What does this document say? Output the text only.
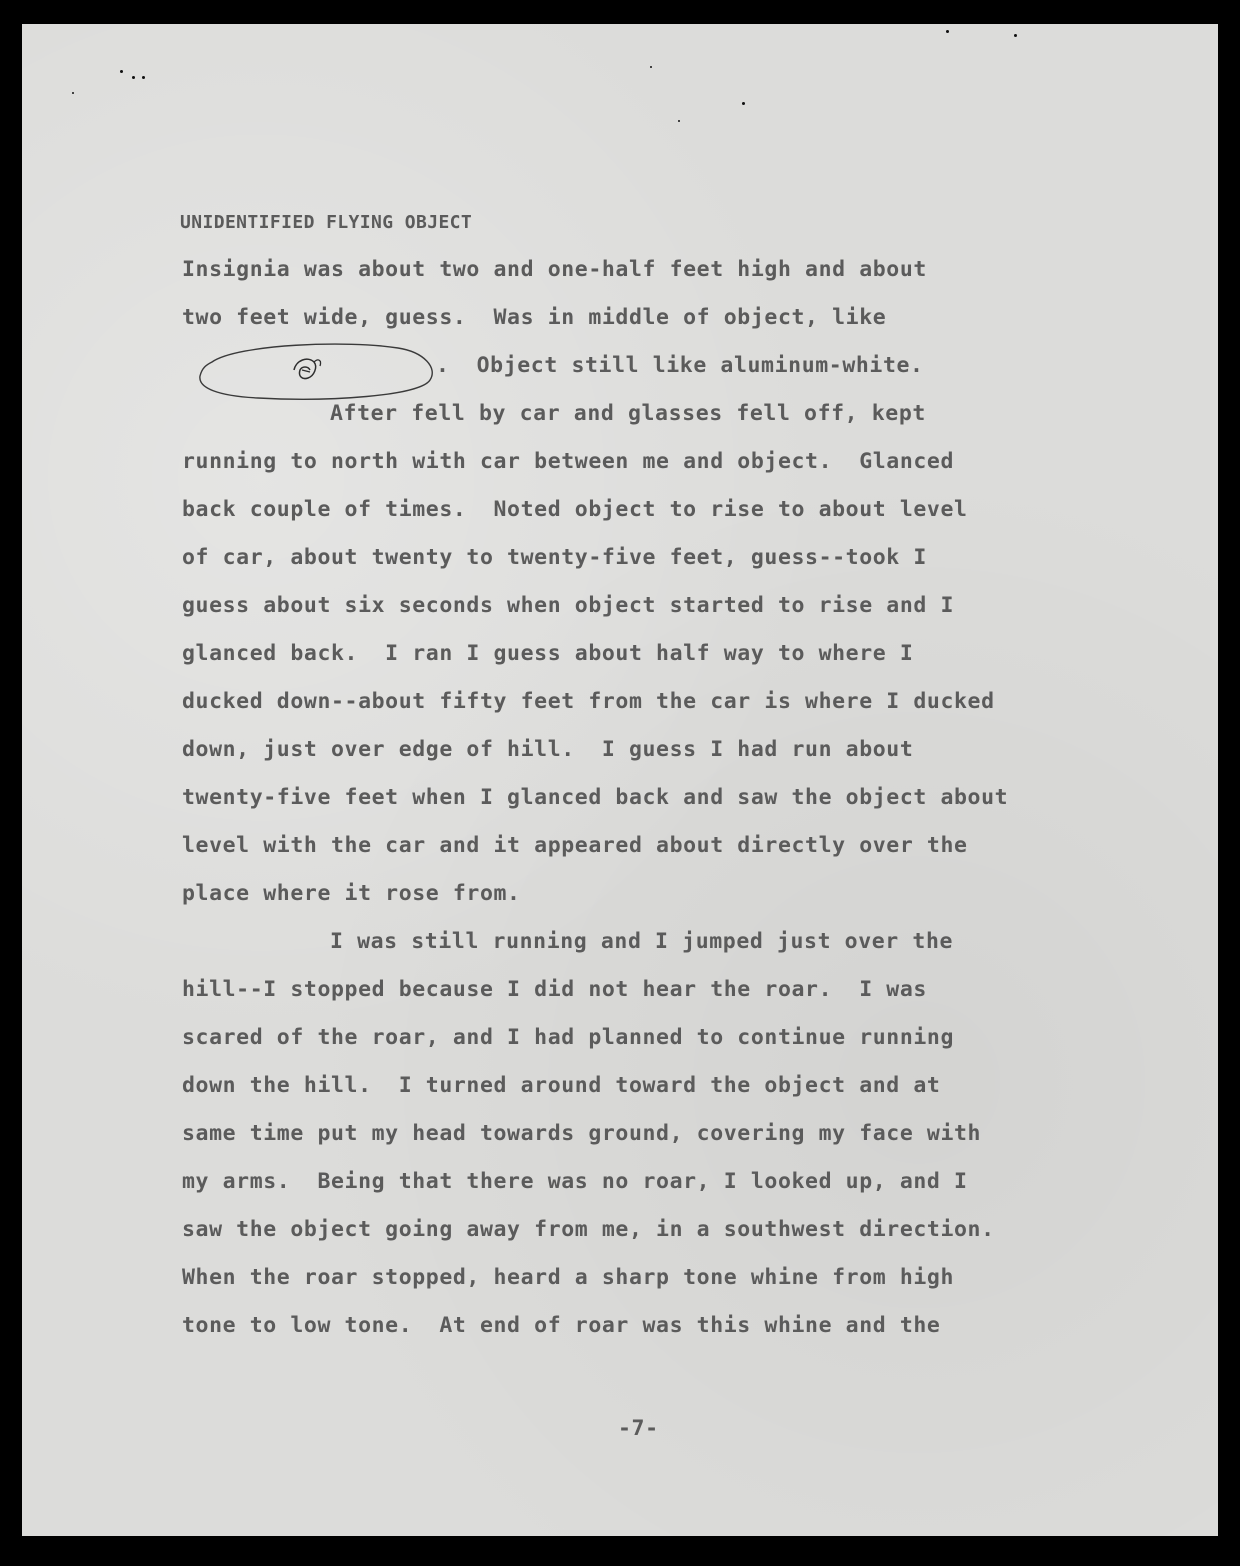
UNIDENTIFIED FLYING OBJECT
Insignia was about two and one-half feet high and about
two feet wide, guess.  Was in middle of object, like
.  Object still like aluminum-white.
After fell by car and glasses fell off, kept
running to north with car between me and object.  Glanced
back couple of times.  Noted object to rise to about level
of car, about twenty to twenty-five feet, guess--took I
guess about six seconds when object started to rise and I
glanced back.  I ran I guess about half way to where I
ducked down--about fifty feet from the car is where I ducked
down, just over edge of hill.  I guess I had run about
twenty-five feet when I glanced back and saw the object about
level with the car and it appeared about directly over the
place where it rose from.
I was still running and I jumped just over the
hill--I stopped because I did not hear the roar.  I was
scared of the roar, and I had planned to continue running
down the hill.  I turned around toward the object and at
same time put my head towards ground, covering my face with
my arms.  Being that there was no roar, I looked up, and I
saw the object going away from me, in a southwest direction.
When the roar stopped, heard a sharp tone whine from high
tone to low tone.  At end of roar was this whine and the
-7-
